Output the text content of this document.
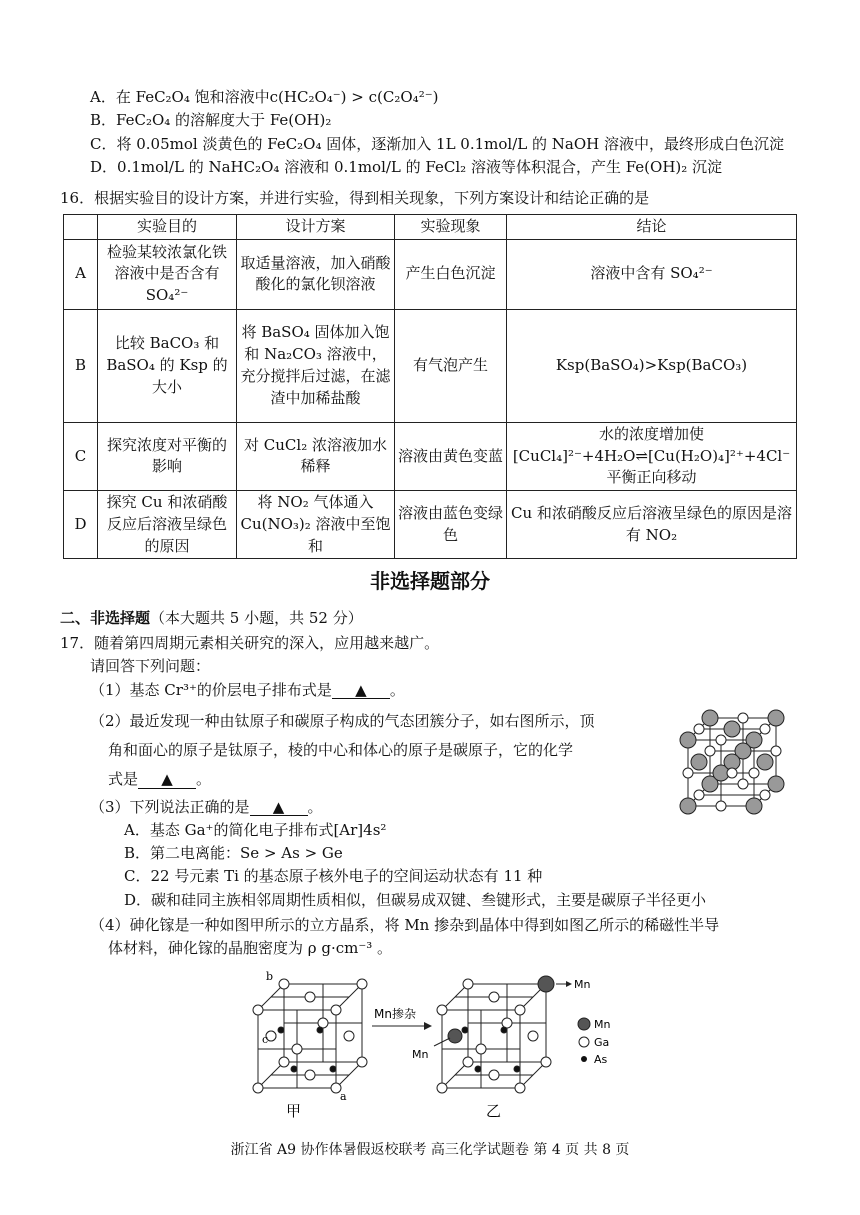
A．在 FeC₂O₄ 饱和溶液中c(HC₂O₄⁻) > c(C₂O₄²⁻)
B．FeC₂O₄ 的溶解度大于 Fe(OH)₂
C．将 0.05mol 淡黄色的 FeC₂O₄ 固体，逐渐加入 1L 0.1mol/L 的 NaOH 溶液中，最终形成白色沉淀
D．0.1mol/L 的 NaHC₂O₄ 溶液和 0.1mol/L 的 FeCl₂ 溶液等体积混合，产生 Fe(OH)₂ 沉淀
16．根据实验目的设计方案，并进行实验，得到相关现象，下列方案设计和结论正确的是
	实验目的	设计方案	实验现象	结论
A	检验某较浓氯化铁溶液中是否含有 SO₄²⁻	取适量溶液，加入硝酸酸化的氯化钡溶液	产生白色沉淀	溶液中含有 SO₄²⁻
B	比较 BaCO₃ 和 BaSO₄ 的 Ksp 的大小	将 BaSO₄ 固体加入饱和 Na₂CO₃ 溶液中，充分搅拌后过滤，在滤渣中加稀盐酸	有气泡产生	Ksp(BaSO₄)>Ksp(BaCO₃)
C	探究浓度对平衡的影响	对 CuCl₂ 浓溶液加水稀释	溶液由黄色变蓝	水的浓度增加使 [CuCl₄]²⁻+4H₂O⇌[Cu(H₂O)₄]²⁺+4Cl⁻ 平衡正向移动
D	探究 Cu 和浓硝酸反应后溶液呈绿色的原因	将 NO₂ 气体通入 Cu(NO₃)₂ 溶液中至饱和	溶液由蓝色变绿色	Cu 和浓硝酸反应后溶液呈绿色的原因是溶有 NO₂
非选择题部分
二、非选择题（本大题共 5 小题，共 52 分）
17．随着第四周期元素相关研究的深入，应用越来越广。
请回答下列问题：
（1）基态 Cr³⁺的价层电子排布式是 ▲ 。
（2）最近发现一种由钛原子和碳原子构成的气态团簇分子，如右图所示，顶
角和面心的原子是钛原子，棱的中心和体心的原子是碳原子，它的化学
式是 ▲ 。
（3）下列说法正确的是 ▲ 。
A．基态 Ga⁺的简化电子排布式[Ar]4s²
B．第二电离能：Se > As > Ge
C．22 号元素 Ti 的基态原子核外电子的空间运动状态有 11 种
D．碳和硅同主族相邻周期性质相似，但碳易成双键、叁键形式，主要是碳原子半径更小
（4）砷化镓是一种如图甲所示的立方晶系，将 Mn 掺杂到晶体中得到如图乙所示的稀磁性半导
体材料，砷化镓的晶胞密度为 ρ g·cm⁻³ 。
b
c
a
Mn掺杂
Mn
Mn
Mn
Ga
As
甲	乙
浙江省 A9 协作体暑假返校联考 高三化学试题卷 第 4 页 共 8 页
